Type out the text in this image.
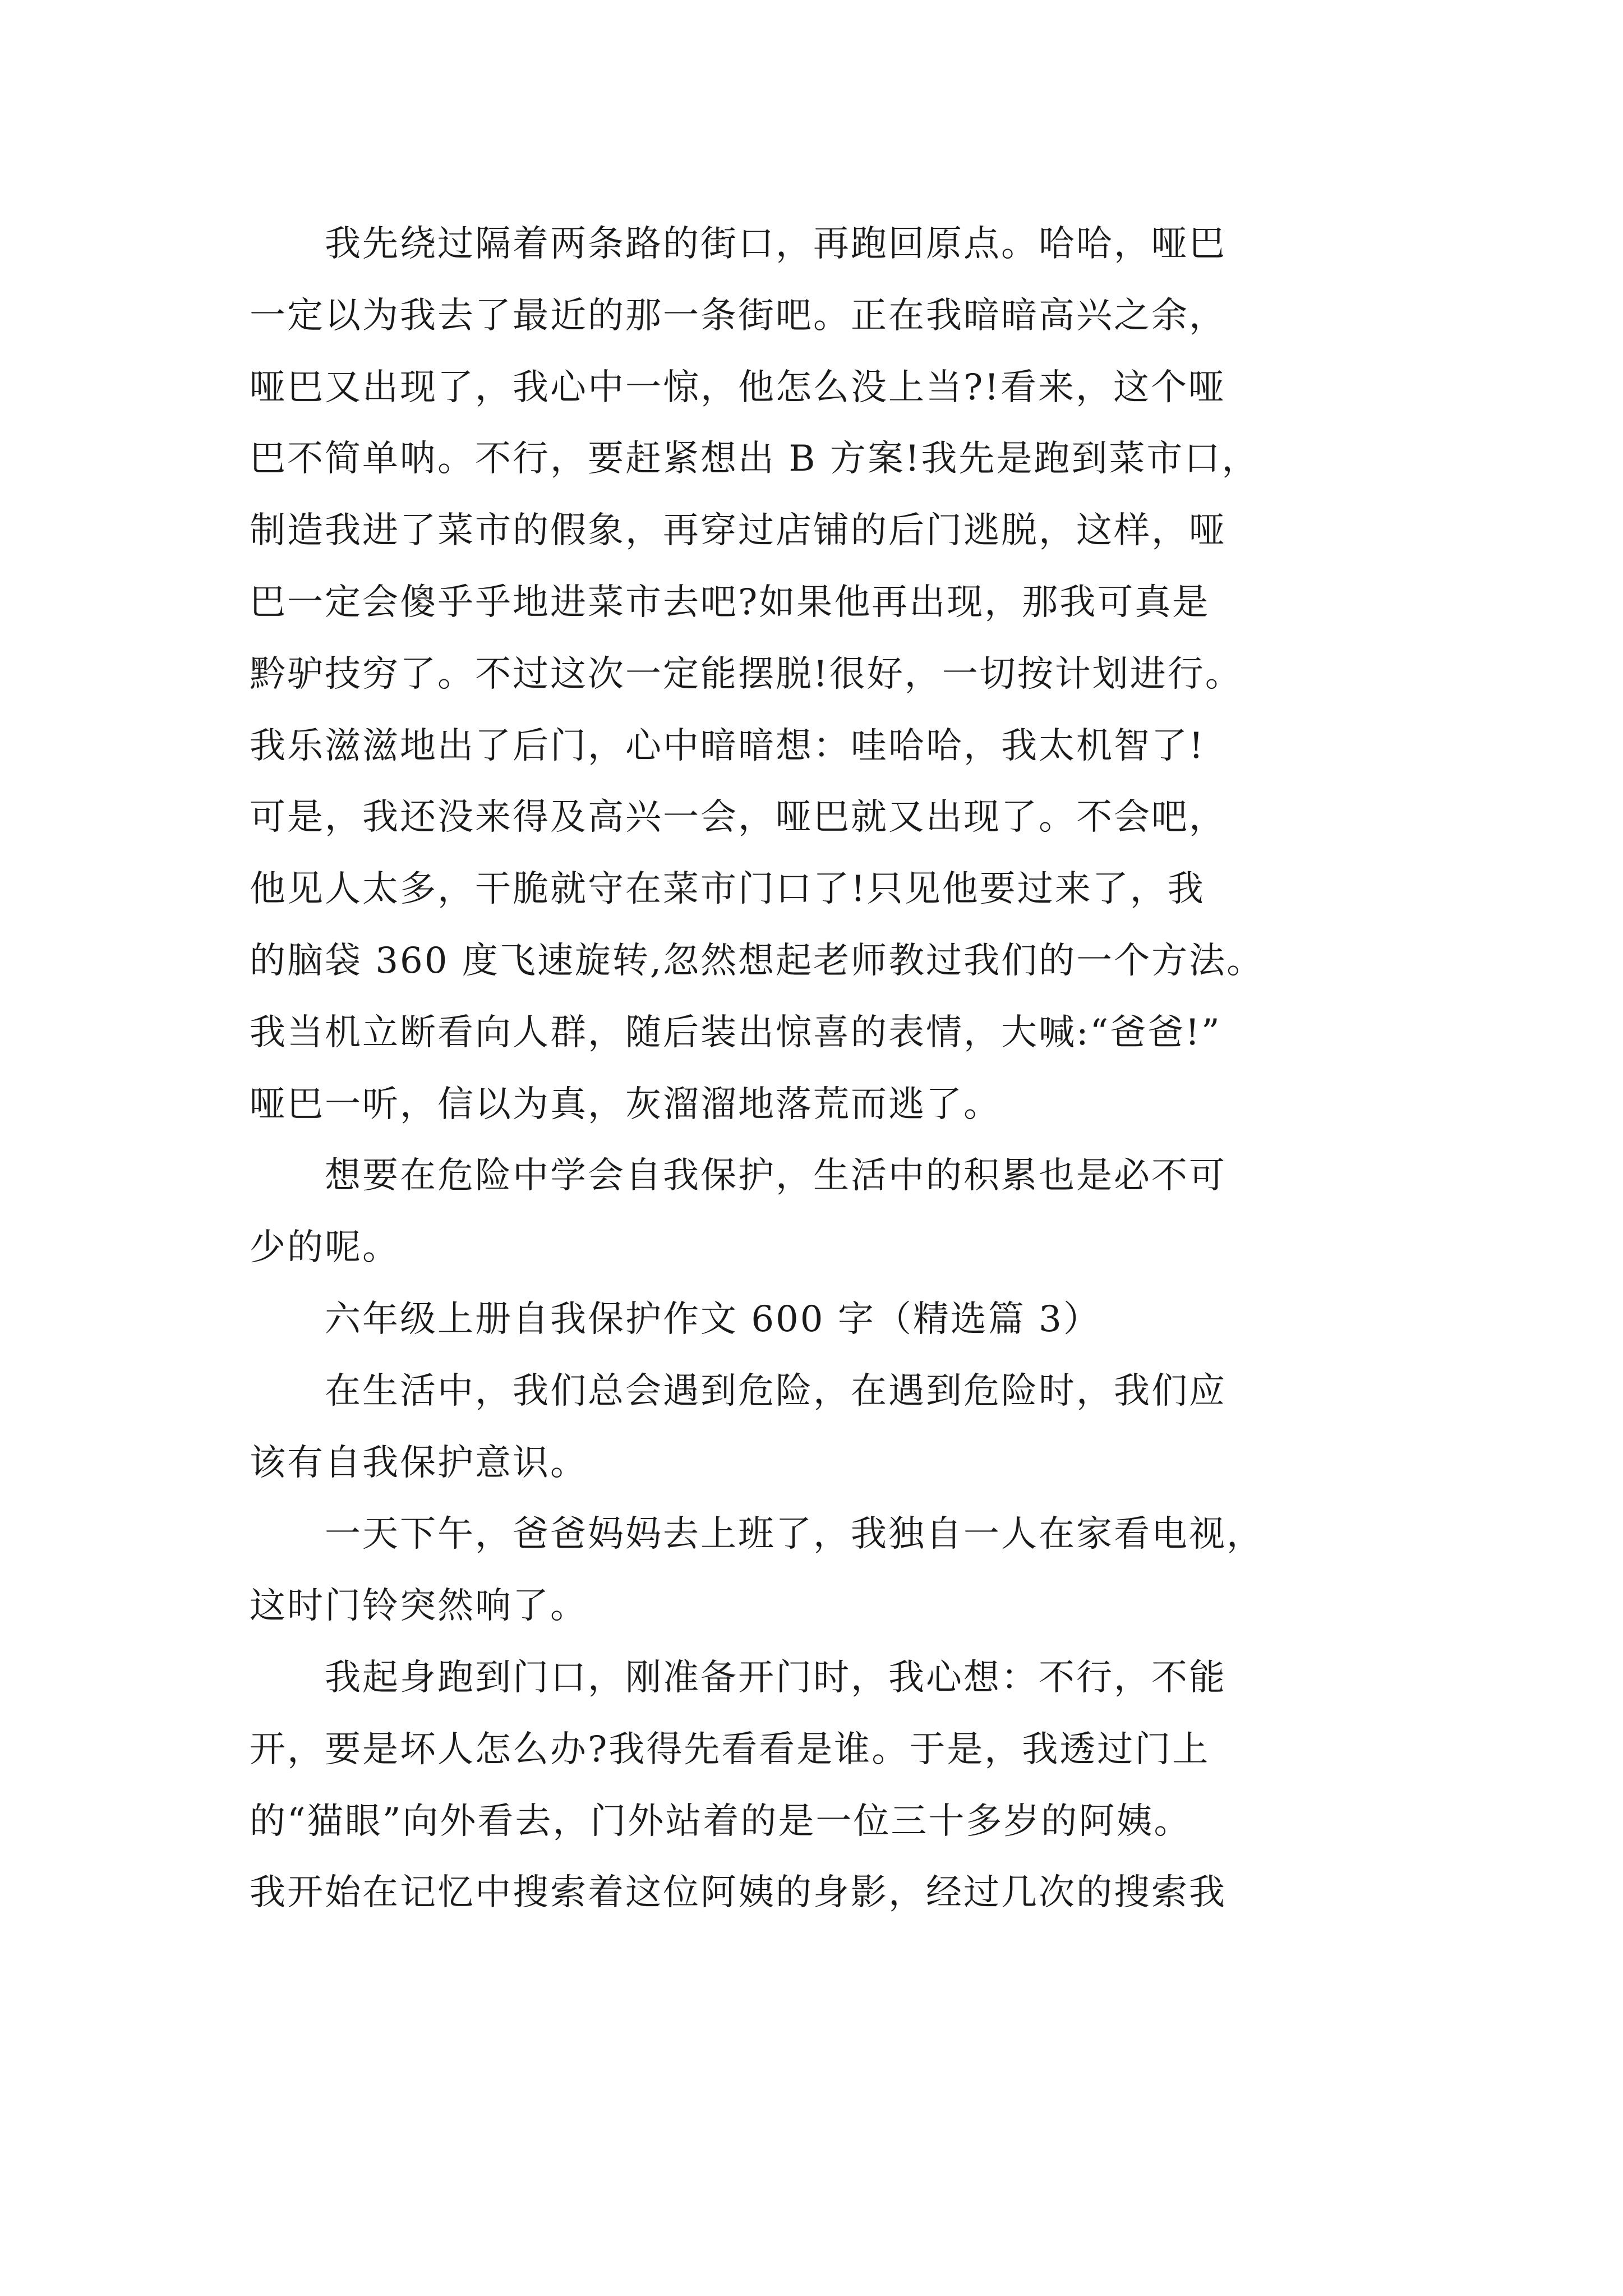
　　我先绕过隔着两条路的街口，再跑回原点。哈哈，哑巴
一定以为我去了最近的那一条街吧。正在我暗暗高兴之余，
哑巴又出现了，我心中一惊，他怎么没上当?!看来，这个哑
巴不简单呐。不行，要赶紧想出 B 方案!我先是跑到菜市口，
制造我进了菜市的假象，再穿过店铺的后门逃脱，这样，哑
巴一定会傻乎乎地进菜市去吧?如果他再出现，那我可真是
黔驴技穷了。不过这次一定能摆脱!很好，一切按计划进行。
我乐滋滋地出了后门，心中暗暗想：哇哈哈，我太机智了!
可是，我还没来得及高兴一会，哑巴就又出现了。不会吧，
他见人太多，干脆就守在菜市门口了!只见他要过来了，我
的脑袋 360 度飞速旋转,忽然想起老师教过我们的一个方法。
我当机立断看向人群，随后装出惊喜的表情，大喊:“爸爸!”
哑巴一听，信以为真，灰溜溜地落荒而逃了。
　　想要在危险中学会自我保护，生活中的积累也是必不可
少的呢。
　　六年级上册自我保护作文 600 字（精选篇 3）
　　在生活中，我们总会遇到危险，在遇到危险时，我们应
该有自我保护意识。
　　一天下午，爸爸妈妈去上班了，我独自一人在家看电视，
这时门铃突然响了。
　　我起身跑到门口，刚准备开门时，我心想：不行，不能
开，要是坏人怎么办?我得先看看是谁。于是，我透过门上
的“猫眼”向外看去，门外站着的是一位三十多岁的阿姨。
我开始在记忆中搜索着这位阿姨的身影，经过几次的搜索我
